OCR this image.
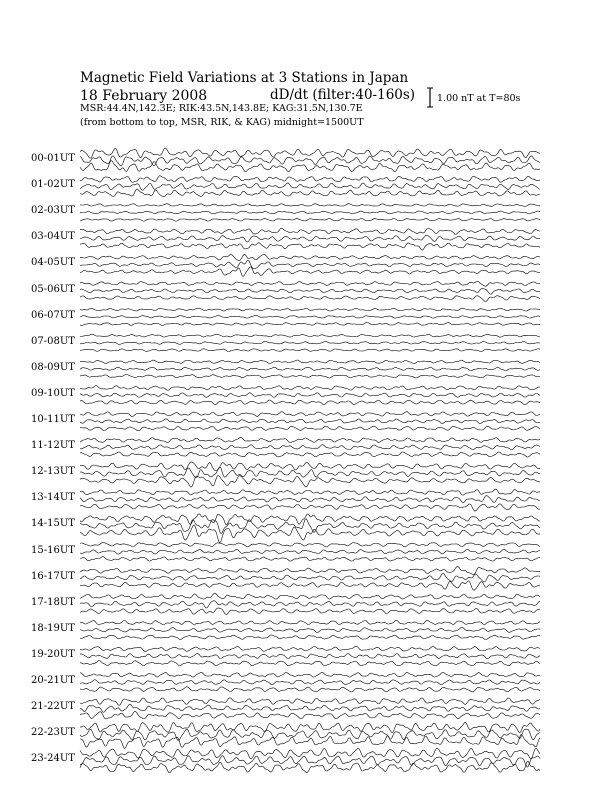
Magnetic Field Variations at 3 Stations in Japan
18 February 2008	dD/dt (filter:40-160s)
MSR:44.4N,142.3E; RIK:43.5N,143.8E; KAG:31.5N,130.7E
(from bottom to top, MSR, RIK, & KAG) midnight=1500UT
1.00 nT at T=80s
00-01UT
01-02UT
02-03UT
03-04UT
04-05UT
05-06UT
06-07UT
07-08UT
08-09UT
09-10UT
10-11UT
11-12UT
12-13UT
13-14UT
14-15UT
15-16UT
16-17UT
17-18UT
18-19UT
19-20UT
20-21UT
21-22UT
22-23UT
23-24UT
